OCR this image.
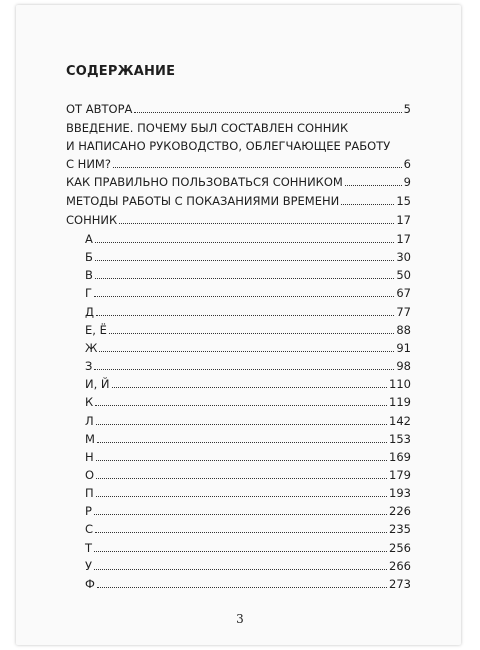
СОДЕРЖАНИЕ
ОТ АВТОРА	5
ВВЕДЕНИЕ. ПОЧЕМУ БЫЛ СОСТАВЛЕН СОННИК
И НАПИСАНО РУКОВОДСТВО, ОБЛЕГЧАЮЩЕЕ РАБОТУ
С НИМ?	6
КАК ПРАВИЛЬНО ПОЛЬЗОВАТЬСЯ СОННИКОМ	9
МЕТОДЫ РАБОТЫ С ПОКАЗАНИЯМИ ВРЕМЕНИ	15
СОННИК	17
А	17
Б	30
В	50
Г	67
Д	77
Е, Ё	88
Ж	91
З	98
И, Й	110
К	119
Л	142
М	153
Н	169
О	179
П	193
Р	226
С	235
Т	256
У	266
Ф	273
3
